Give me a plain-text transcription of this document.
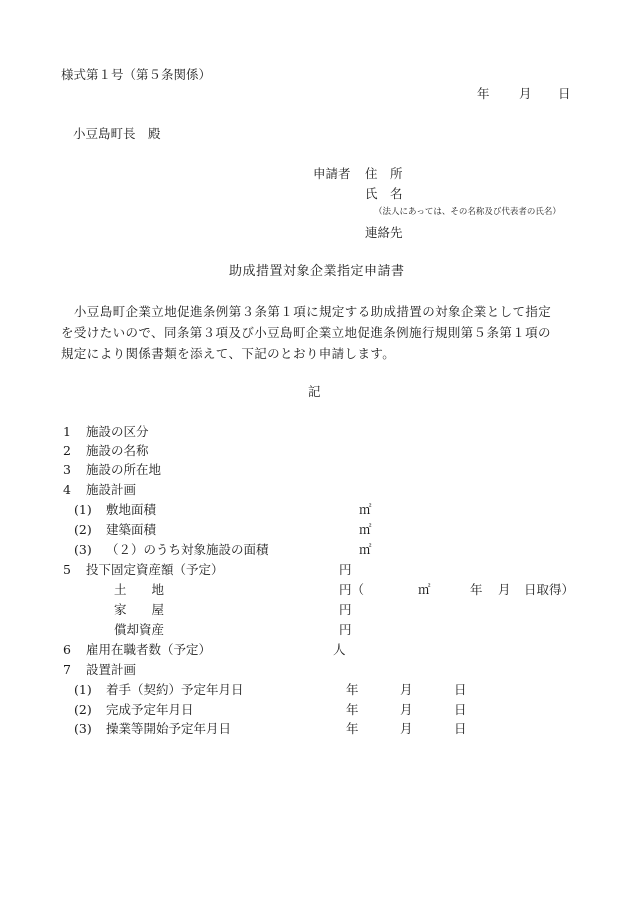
様式第１号（第５条関係）
年 月 日
小豆島町長　殿
申請者 住　所
氏　名
（法人にあっては、その名称及び代表者の氏名）
連絡先
助成措置対象企業指定申請書
　小豆島町企業立地促進条例第３条第１項に規定する助成措置の対象企業として指定
を受けたいので、同条第３項及び小豆島町企業立地促進条例施行規則第５条第１項の
規定により関係書類を添えて、下記のとおり申請します。
記
1 施設の区分
2 施設の名称
3 施設の所在地
4 施設計画
(1) 敷地面積	㎡
(2) 建築面積	㎡
(3) （２）のうち対象施設の面積	㎡
5 投下固定資産額（予定）	円
土　　地	円（	㎡	年 月 日取得）
家　　屋	円
償却資産	円
6 雇用在職者数（予定）	人
7 設置計画
(1) 着手（契約）予定年月日	年	月	日
(2) 完成予定年月日	年	月	日
(3) 操業等開始予定年月日	年	月	日
